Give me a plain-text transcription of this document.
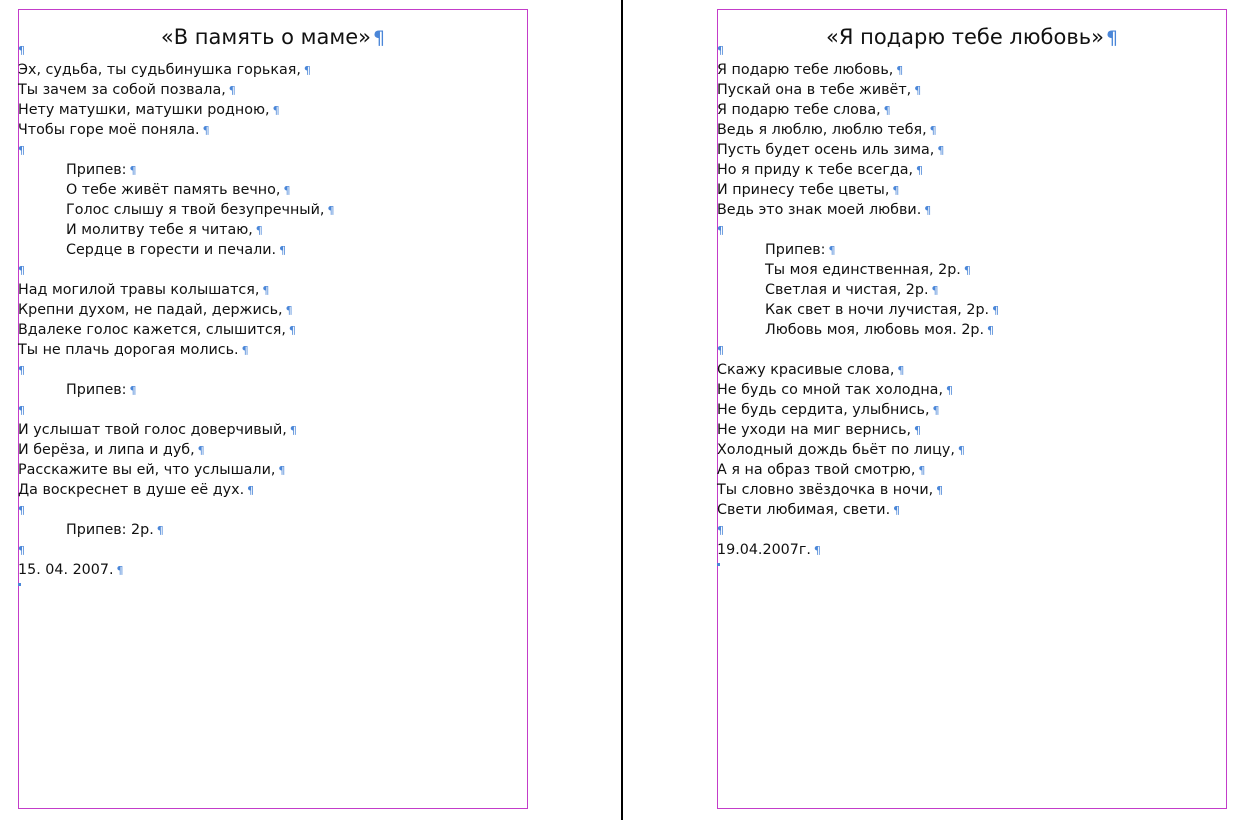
«В память о маме» ¶
¶
Эх, судьба, ты судьбинушка горькая, ¶
Ты зачем за собой позвала, ¶
Нету матушки, матушки родною, ¶
Чтобы горе моё поняла. ¶
¶
Припев: ¶
О тебе живёт память вечно, ¶
Голос слышу я твой безупречный, ¶
И молитву тебе я читаю, ¶
Сердце в горести и печали. ¶
¶
Над могилой травы колышатся, ¶
Крепни духом, не падай, держись, ¶
Вдалеке голос кажется, слышится, ¶
Ты не плачь дорогая молись. ¶
¶
Припев: ¶
¶
И услышат твой голос доверчивый, ¶
И берёза, и липа и дуб, ¶
Расскажите вы ей, что услышали, ¶
Да воскреснет в душе её дух. ¶
¶
Припев: 2р. ¶
¶
15. 04. 2007. ¶
«Я подарю тебе любовь» ¶
¶
Я подарю тебе любовь, ¶
Пускай она в тебе живёт, ¶
Я подарю тебе слова, ¶
Ведь я люблю, люблю тебя, ¶
Пусть будет осень иль зима, ¶
Но я приду к тебе всегда, ¶
И принесу тебе цветы, ¶
Ведь это знак моей любви. ¶
¶
Припев: ¶
Ты моя единственная, 2р. ¶
Светлая и чистая, 2р. ¶
Как свет в ночи лучистая, 2р. ¶
Любовь моя, любовь моя. 2р. ¶
¶
Скажу красивые слова, ¶
Не будь со мной так холодна, ¶
Не будь сердита, улыбнись, ¶
Не уходи на миг вернись, ¶
Холодный дождь бьёт по лицу, ¶
А я на образ твой смотрю, ¶
Ты словно звёздочка в ночи, ¶
Свети любимая, свети. ¶
¶
19.04.2007г. ¶
